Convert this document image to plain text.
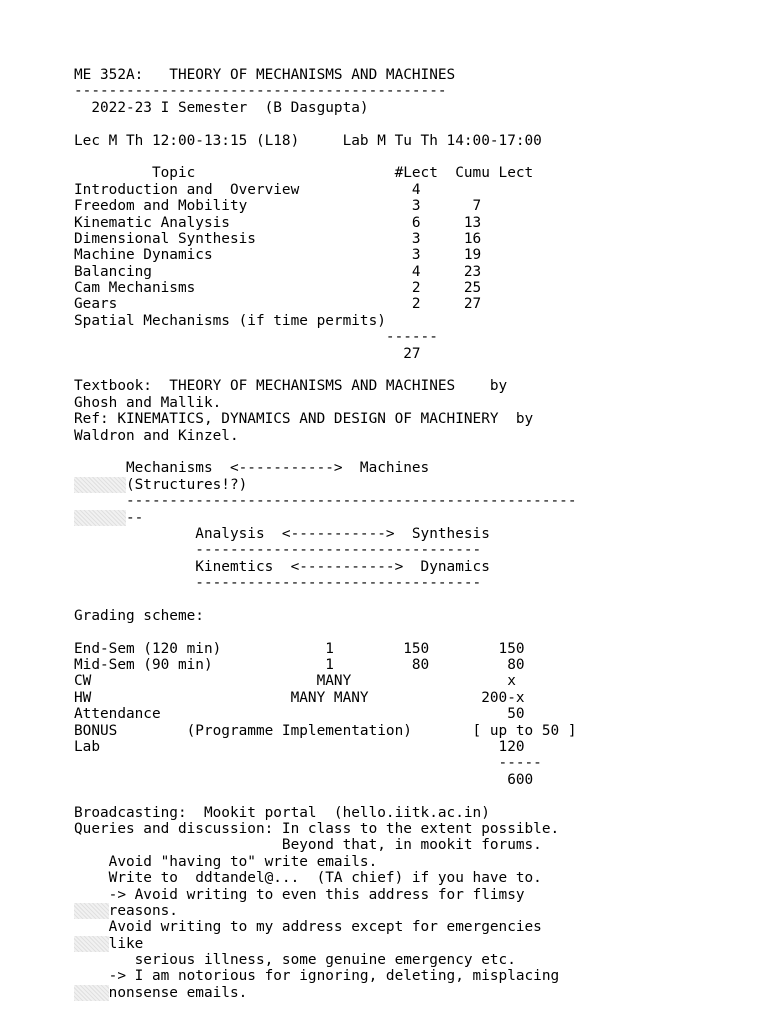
ME 352A:   THEORY OF MECHANISMS AND MACHINES
-------------------------------------------
2022-23 I Semester  (B Dasgupta)
Lec M Th 12:00-13:15 (L18)     Lab M Tu Th 14:00-17:00
Topic                       #Lect  Cumu Lect
Introduction and  Overview             4
Freedom and Mobility                   3      7
Kinematic Analysis                     6     13
Dimensional Synthesis                  3     16
Machine Dynamics                       3     19
Balancing                              4     23
Cam Mechanisms                         2     25
Gears                                  2     27
Spatial Mechanisms (if time permits)
------
27
Textbook:  THEORY OF MECHANISMS AND MACHINES    by
Ghosh and Mallik.
Ref: KINEMATICS, DYNAMICS AND DESIGN OF MACHINERY  by
Waldron and Kinzel.
Mechanisms  <----------->  Machines
(Structures!?)
----------------------------------------------------
--
Analysis  <----------->  Synthesis
---------------------------------
Kinemtics  <----------->  Dynamics
---------------------------------
Grading scheme:
End-Sem (120 min)            1        150        150
Mid-Sem (90 min)             1         80         80
CW                          MANY                  x
HW                       MANY MANY             200-x
Attendance                                        50
BONUS        (Programme Implementation)       [ up to 50 ]
Lab                                              120
-----
600
Broadcasting:  Mookit portal  (hello.iitk.ac.in)
Queries and discussion: In class to the extent possible.
Beyond that, in mookit forums.
Avoid "having to" write emails.
Write to  ddtandel@...  (TA chief) if you have to.
-> Avoid writing to even this address for flimsy
reasons.
Avoid writing to my address except for emergencies
like
serious illness, some genuine emergency etc.
-> I am notorious for ignoring, deleting, misplacing
nonsense emails.
